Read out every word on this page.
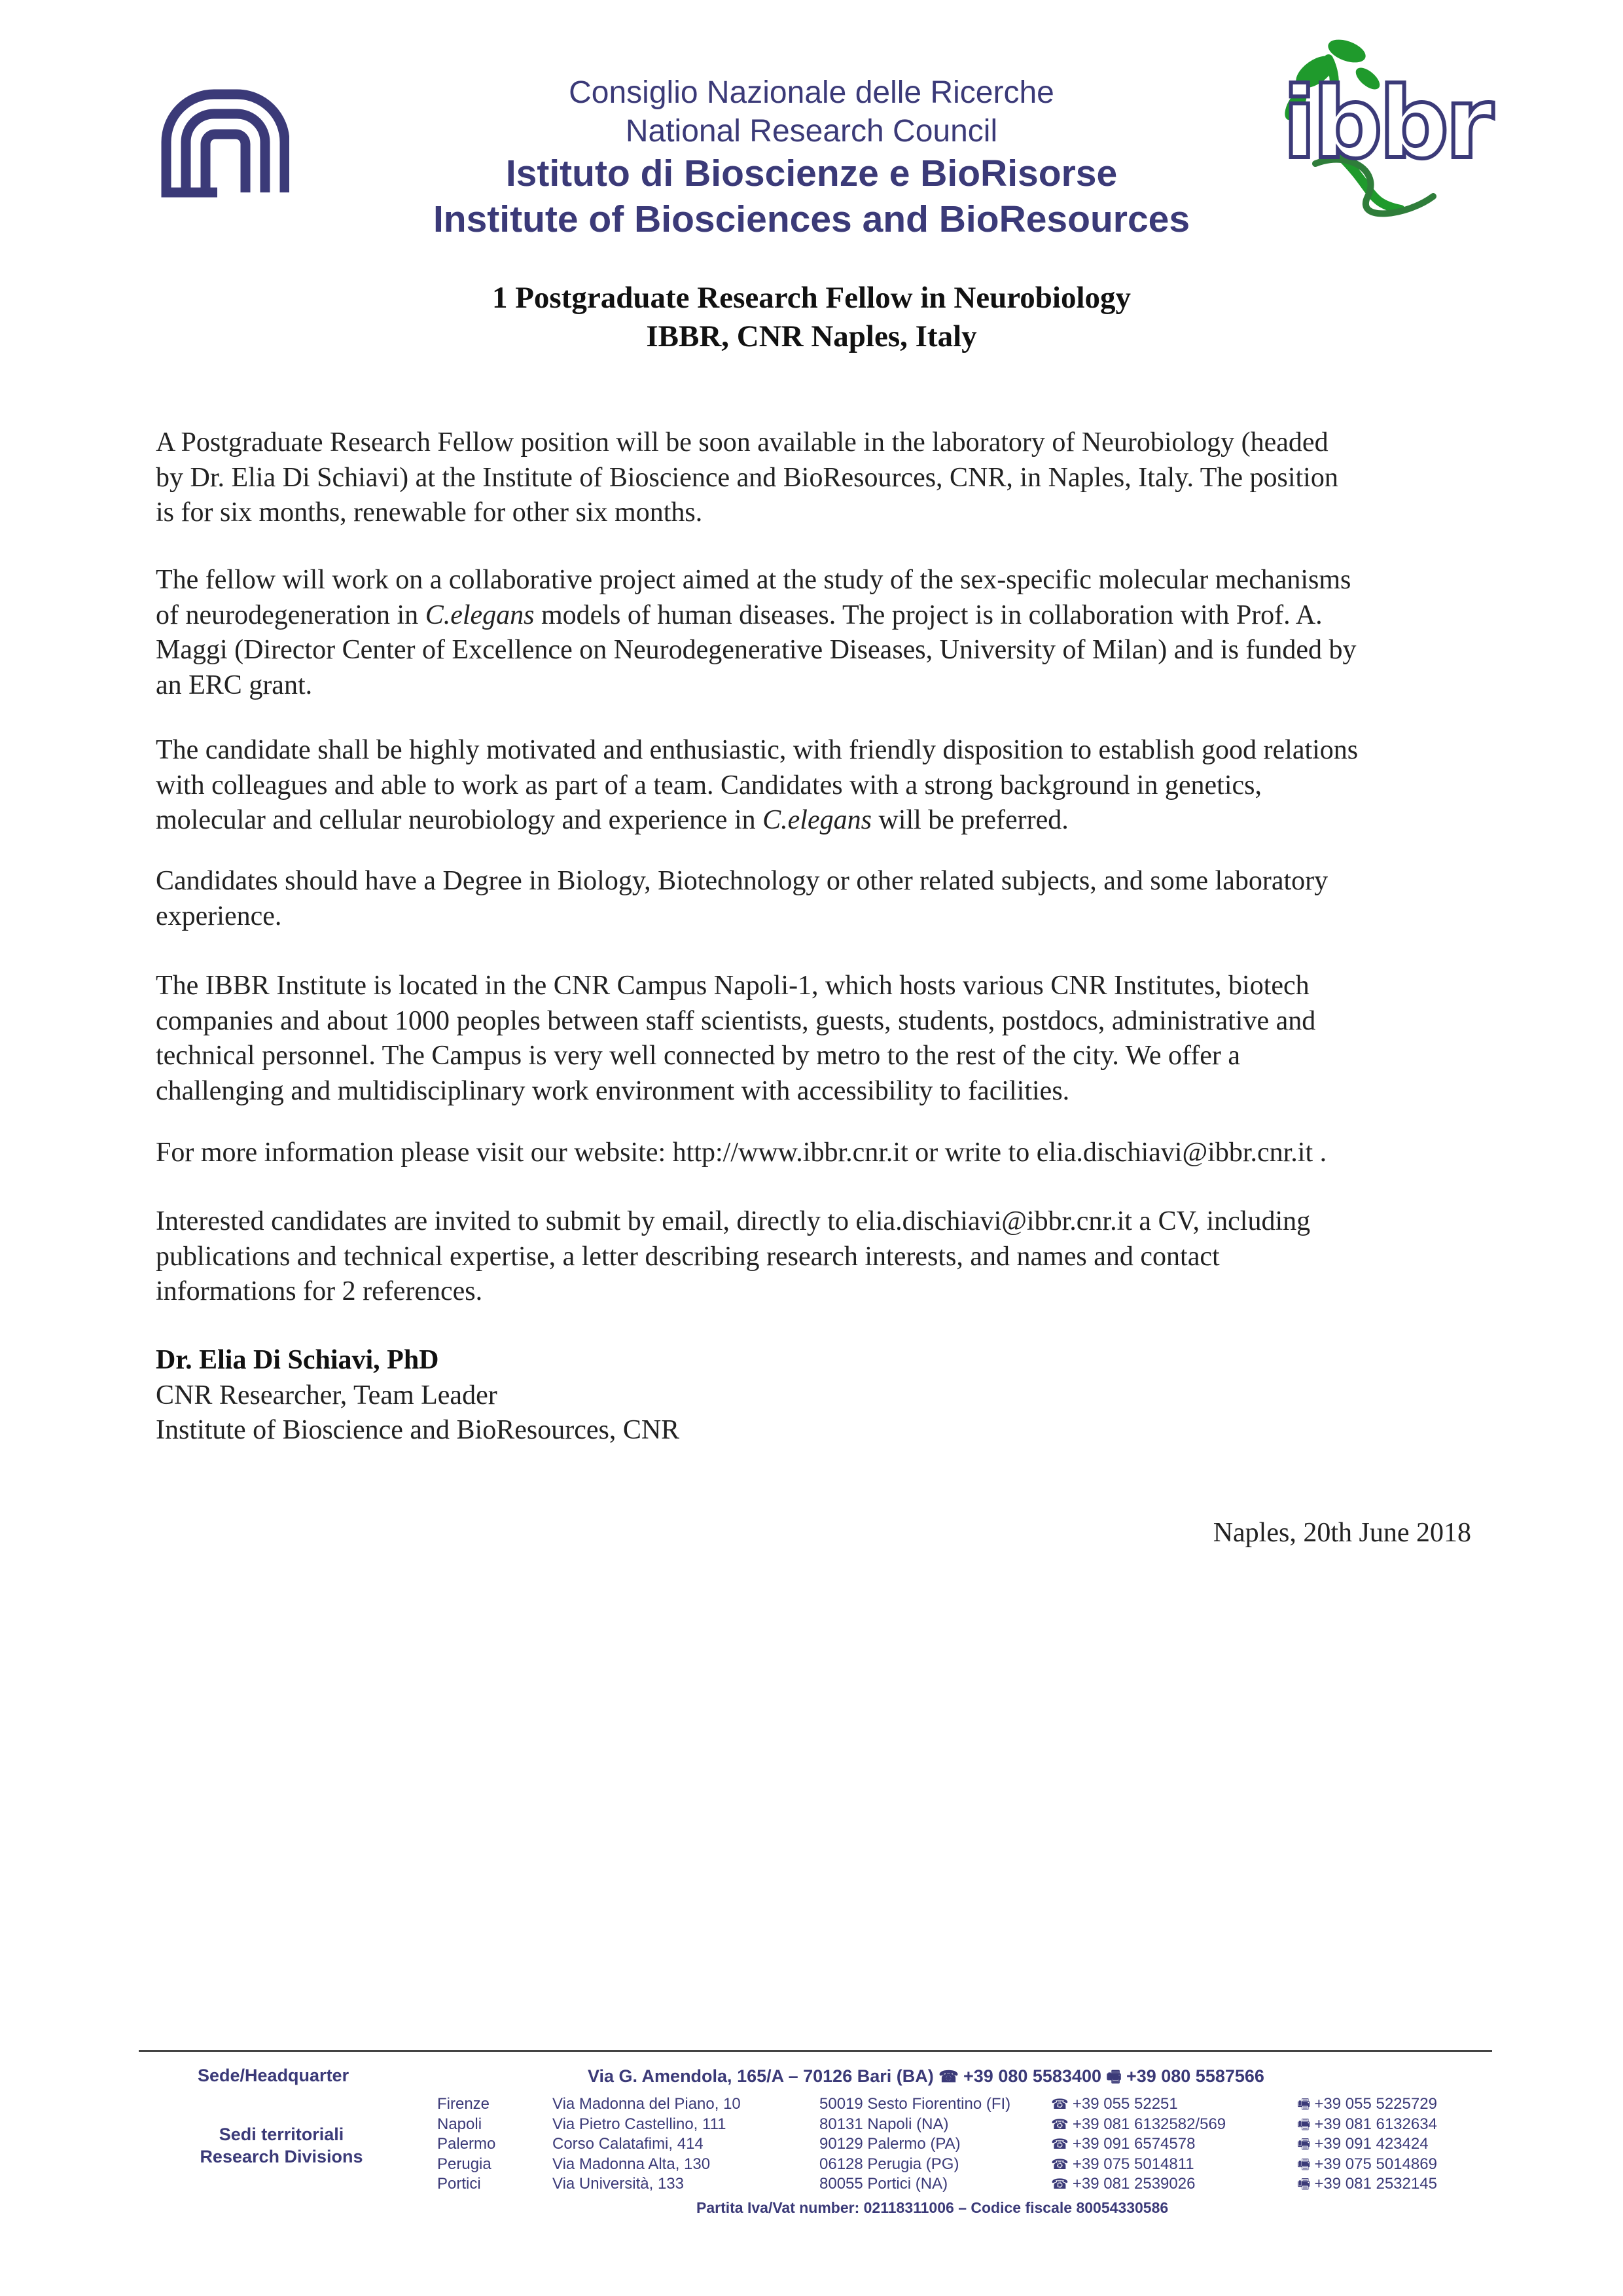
ibbr
Consiglio Nazionale delle Ricerche
National Research Council
Istituto di Bioscienze e BioRisorse
Institute of Biosciences and BioResources
1 Postgraduate Research Fellow in Neurobiology
IBBR, CNR Naples, Italy
A Postgraduate Research Fellow position will be soon available in the laboratory of Neurobiology (headed
by Dr. Elia Di Schiavi) at the Institute of Bioscience and BioResources, CNR, in Naples, Italy. The position
is for six months, renewable for other six months.
The fellow will work on a collaborative project aimed at the study of the sex-specific molecular mechanisms
of neurodegeneration in C.elegans models of human diseases. The project is in collaboration with Prof. A.
Maggi (Director Center of Excellence on Neurodegenerative Diseases, University of Milan) and is funded by
an ERC grant.
The candidate shall be highly motivated and enthusiastic, with friendly disposition to establish good relations
with colleagues and able to work as part of a team. Candidates with a strong background in genetics,
molecular and cellular neurobiology and experience in C.elegans will be preferred.
Candidates should have a Degree in Biology, Biotechnology or other related subjects, and some laboratory
experience.
The IBBR Institute is located in the CNR Campus Napoli-1, which hosts various CNR Institutes, biotech
companies and about 1000 peoples between staff scientists, guests, students, postdocs, administrative and
technical personnel. The Campus is very well connected by metro to the rest of the city. We offer a
challenging and multidisciplinary work environment with accessibility to facilities.
For more information please visit our website: http://www.ibbr.cnr.it or write to elia.dischiavi@ibbr.cnr.it .
Interested candidates are invited to submit by email, directly to elia.dischiavi@ibbr.cnr.it a CV, including
publications and technical expertise, a letter describing research interests, and names and contact
informations for 2 references.
Dr. Elia Di Schiavi, PhD
CNR Researcher, Team Leader
Institute of Bioscience and BioResources, CNR
Naples, 20th June 2018
Sede/Headquarter	Via G. Amendola, 165/A – 70126 Bari (BA) ☎ +39 080 5583400 🖷 +39 080 5587566
Sedi territoriali
Research Divisions
Firenze
Napoli
Palermo
Perugia
Portici
Via Madonna del Piano, 10
Via Pietro Castellino, 111
Corso Calatafimi, 414
Via Madonna Alta, 130
Via Università, 133
50019 Sesto Fiorentino (FI)
80131 Napoli (NA)
90129 Palermo (PA)
06128 Perugia (PG)
80055 Portici (NA)
☎ +39 055 52251
☎ +39 081 6132582/569
☎ +39 091 6574578
☎ +39 075 5014811
☎ +39 081 2539026
🖷 +39 055 5225729
🖷 +39 081 6132634
🖷 +39 091 423424
🖷 +39 075 5014869
🖷 +39 081 2532145
Partita Iva/Vat number: 02118311006 – Codice fiscale 80054330586
